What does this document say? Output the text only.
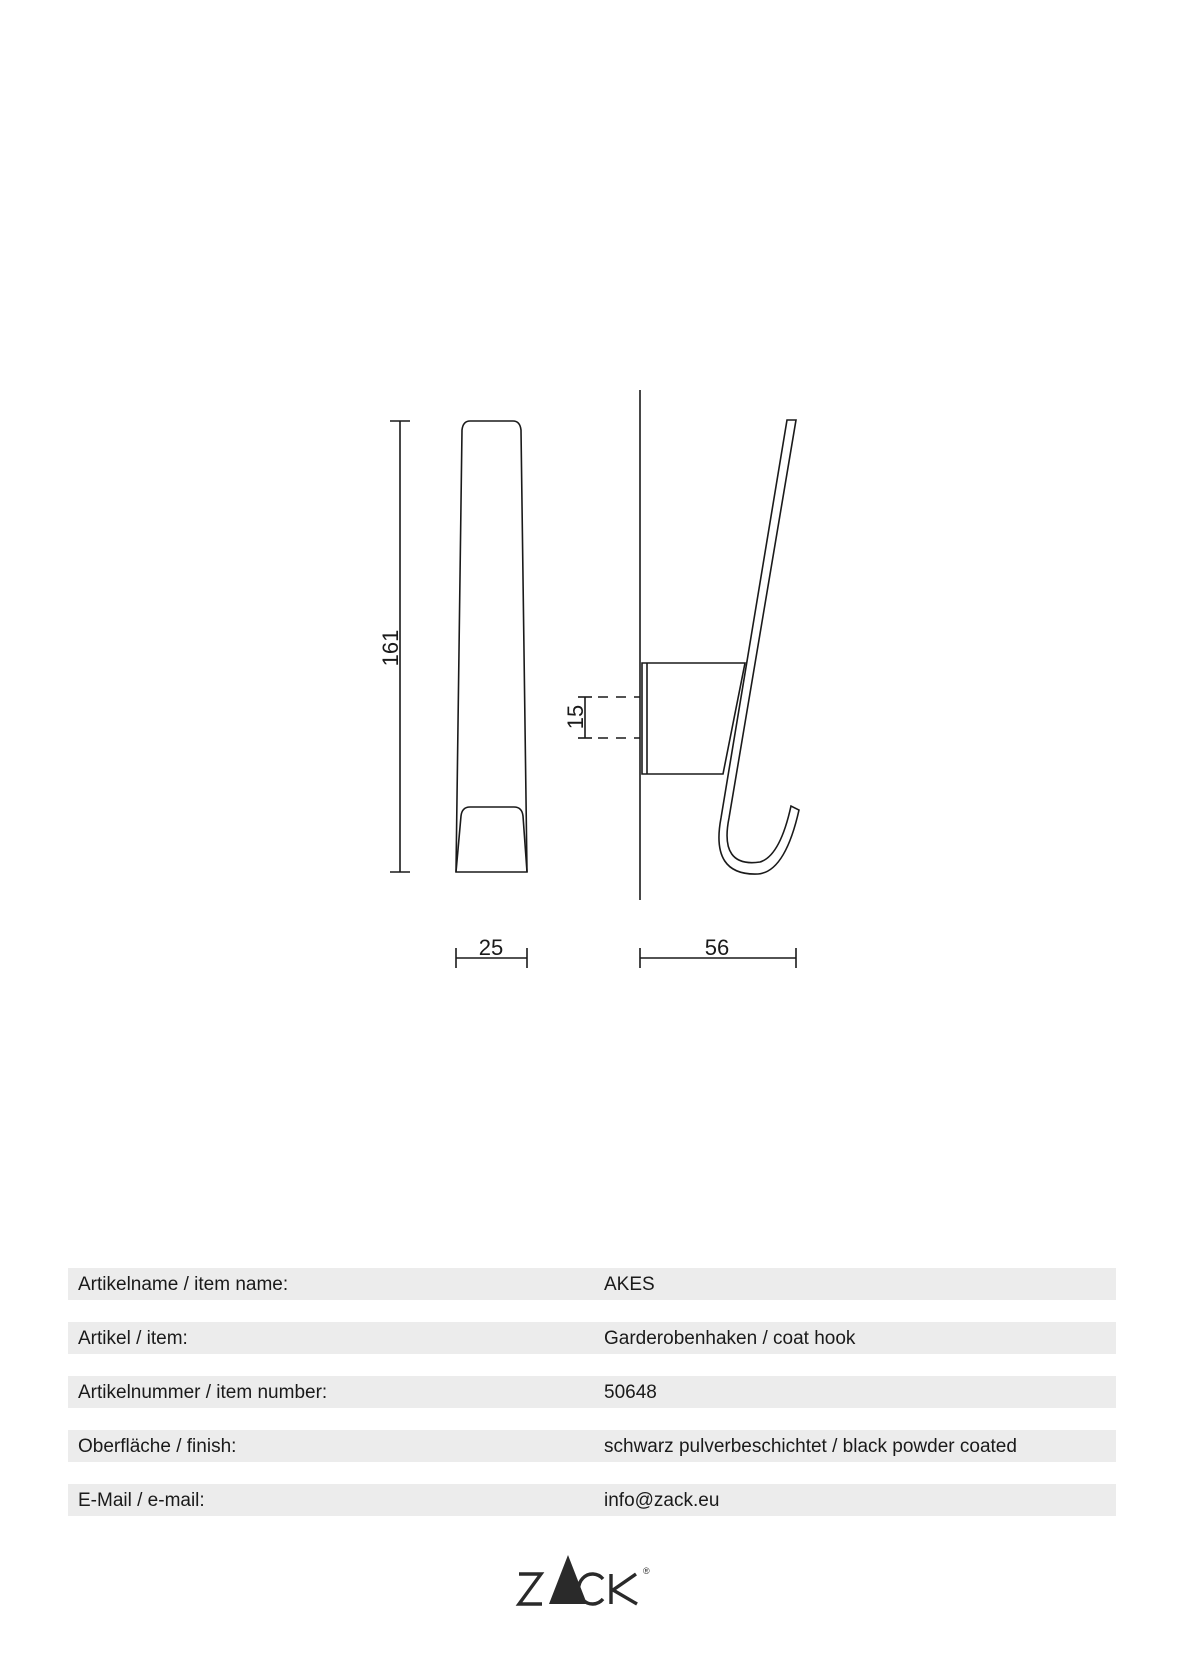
161
15
25	56
Artikelname / item name:	AKES
Artikel / item:	Garderobenhaken / coat hook
Artikelnummer / item number:	50648
Oberfläche / finish:	schwarz pulverbeschichtet / black powder coated
E-Mail / e-mail:	info@zack.eu
®
